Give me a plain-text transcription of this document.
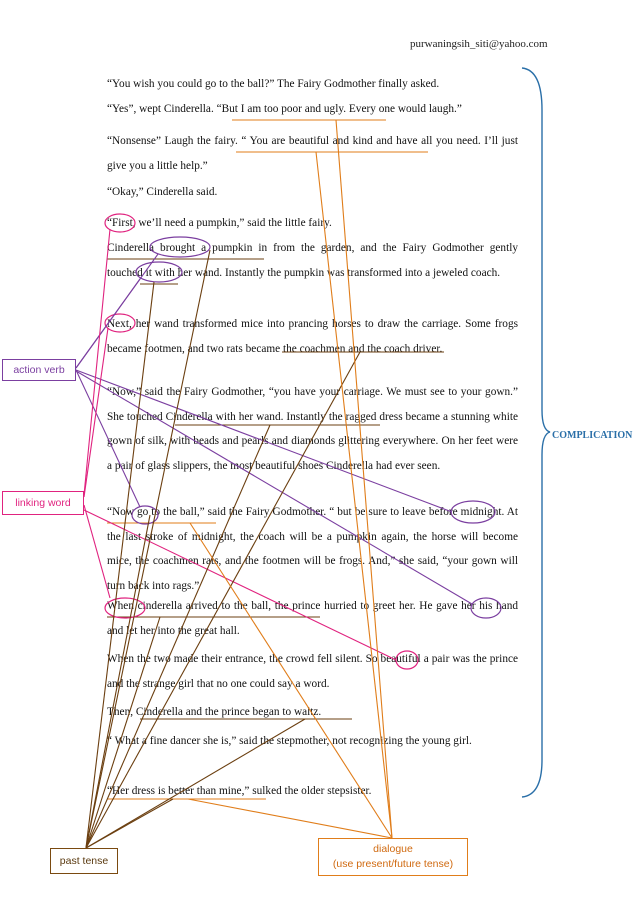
purwaningsih_siti@yahoo.com

“You wish you could go to the ball?” The Fairy Godmother finally asked.

“Yes”, wept Cinderella. “But I am too poor and ugly. Every one would laugh.”

“Nonsense” Laugh the fairy. “ You are beautiful and kind and have all you need. I’ll just give you a little help.”

“Okay,” Cinderella said.

“First, we’ll need a pumpkin,” said the little fairy.

Cinderella brought a pumpkin in from the garden, and the Fairy Godmother gently touched it with her wand. Instantly the pumpkin was transformed into a jeweled coach.

Next, her wand transformed mice into prancing horses to draw the carriage. Some frogs became footmen, and two rats became the coachmen and the coach driver.

“Now,” said the Fairy Godmother, “you have your carriage. We must see to your gown.” She touched Cinderella with her wand. Instantly the ragged dress became a stunning white gown of silk, with beads and pearls and diamonds glittering everywhere. On her feet were a pair of glass slippers, the most beautiful shoes Cinderella had ever seen.

“Now go to the ball,” said the Fairy Godmother. “ but be sure to leave before midnight. At the last stroke of midnight, the coach will be a pumpkin again, the horse will become mice, the coachmen rats, and the footmen will be frogs. And,” she said, “your gown will turn back into rags.”

When cinderella arrived to the ball, the prince hurried to greet her. He gave her his hand and let her into the great hall.

When the two made their entrance, the crowd fell silent. So beautiful a pair was the prince and the strange girl that no one could say a word.

Then, Cinderella and the prince began to waltz.

“ What a fine dancer she is,” said the stepmother, not recognizing the young girl.

“Her dress is better than mine,” sulked the older stepsister.

action verb
linking word
past tense
dialogue
(use present/future tense)
COMPLICATION
